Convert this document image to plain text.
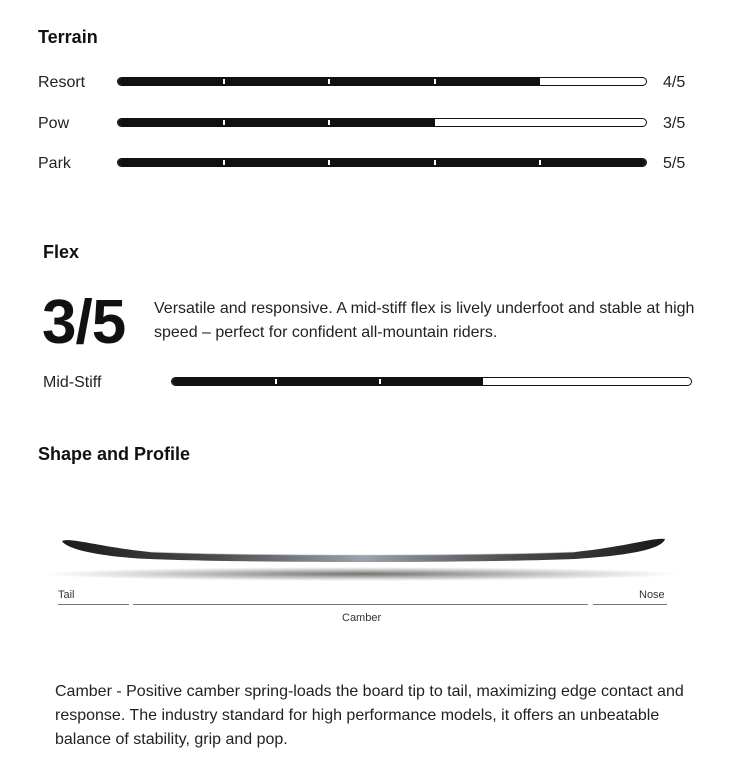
Terrain
Resort	4/5
Pow	3/5
Park	5/5
Flex
3/5 Versatile and responsive. A mid-stiff flex is lively underfoot and stable at high speed – perfect for confident all-mountain riders.
Mid-Stiff
Shape and Profile
Tail	Nose
Camber
Camber - Positive camber spring-loads the board tip to tail, maximizing edge contact and response. The industry standard for high performance models, it offers an unbeatable balance of stability, grip and pop.
